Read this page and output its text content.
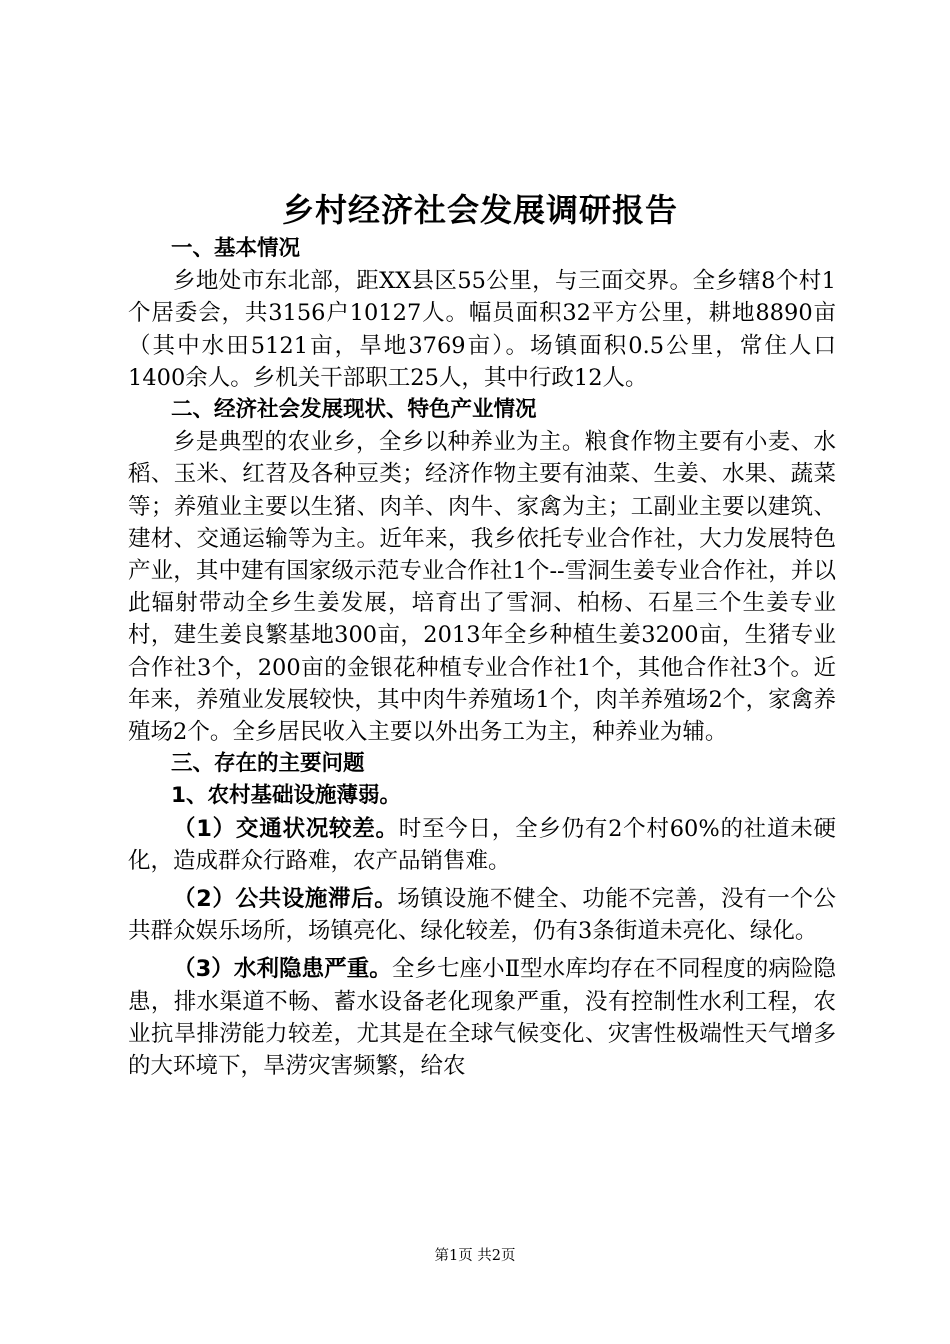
乡村经济社会发展调研报告

一、基本情况

乡地处市东北部，距XX县区55公里，与三面交界。全乡辖8个村1个居委会，共3156户10127人。幅员面积32平方公里，耕地8890亩（其中水田5121亩，旱地3769亩）。场镇面积0.5公里，常住人口1400余人。乡机关干部职工25人，其中行政12人。

二、经济社会发展现状、特色产业情况

乡是典型的农业乡，全乡以种养业为主。粮食作物主要有小麦、水稻、玉米、红苕及各种豆类；经济作物主要有油菜、生姜、水果、蔬菜等；养殖业主要以生猪、肉羊、肉牛、家禽为主；工副业主要以建筑、建材、交通运输等为主。近年来，我乡依托专业合作社，大力发展特色产业，其中建有国家级示范专业合作社1个--雪洞生姜专业合作社，并以此辐射带动全乡生姜发展，培育出了雪洞、柏杨、石星三个生姜专业村，建生姜良繁基地300亩，2013年全乡种植生姜3200亩，生猪专业合作社3个，200亩的金银花种植专业合作社1个，其他合作社3个。近年来，养殖业发展较快，其中肉牛养殖场1个，肉羊养殖场2个，家禽养殖场2个。全乡居民收入主要以外出务工为主，种养业为辅。

三、存在的主要问题

1、农村基础设施薄弱。

（1）交通状况较差。时至今日，全乡仍有2个村60%的社道未硬化，造成群众行路难，农产品销售难。

（2）公共设施滞后。场镇设施不健全、功能不完善，没有一个公共群众娱乐场所，场镇亮化、绿化较差，仍有3条街道未亮化、绿化。

（3）水利隐患严重。全乡七座小Ⅱ型水库均存在不同程度的病险隐患，排水渠道不畅、蓄水设备老化现象严重，没有控制性水利工程，农业抗旱排涝能力较差，尤其是在全球气候变化、灾害性极端性天气增多的大环境下，旱涝灾害频繁，给农

第1页 共2页
